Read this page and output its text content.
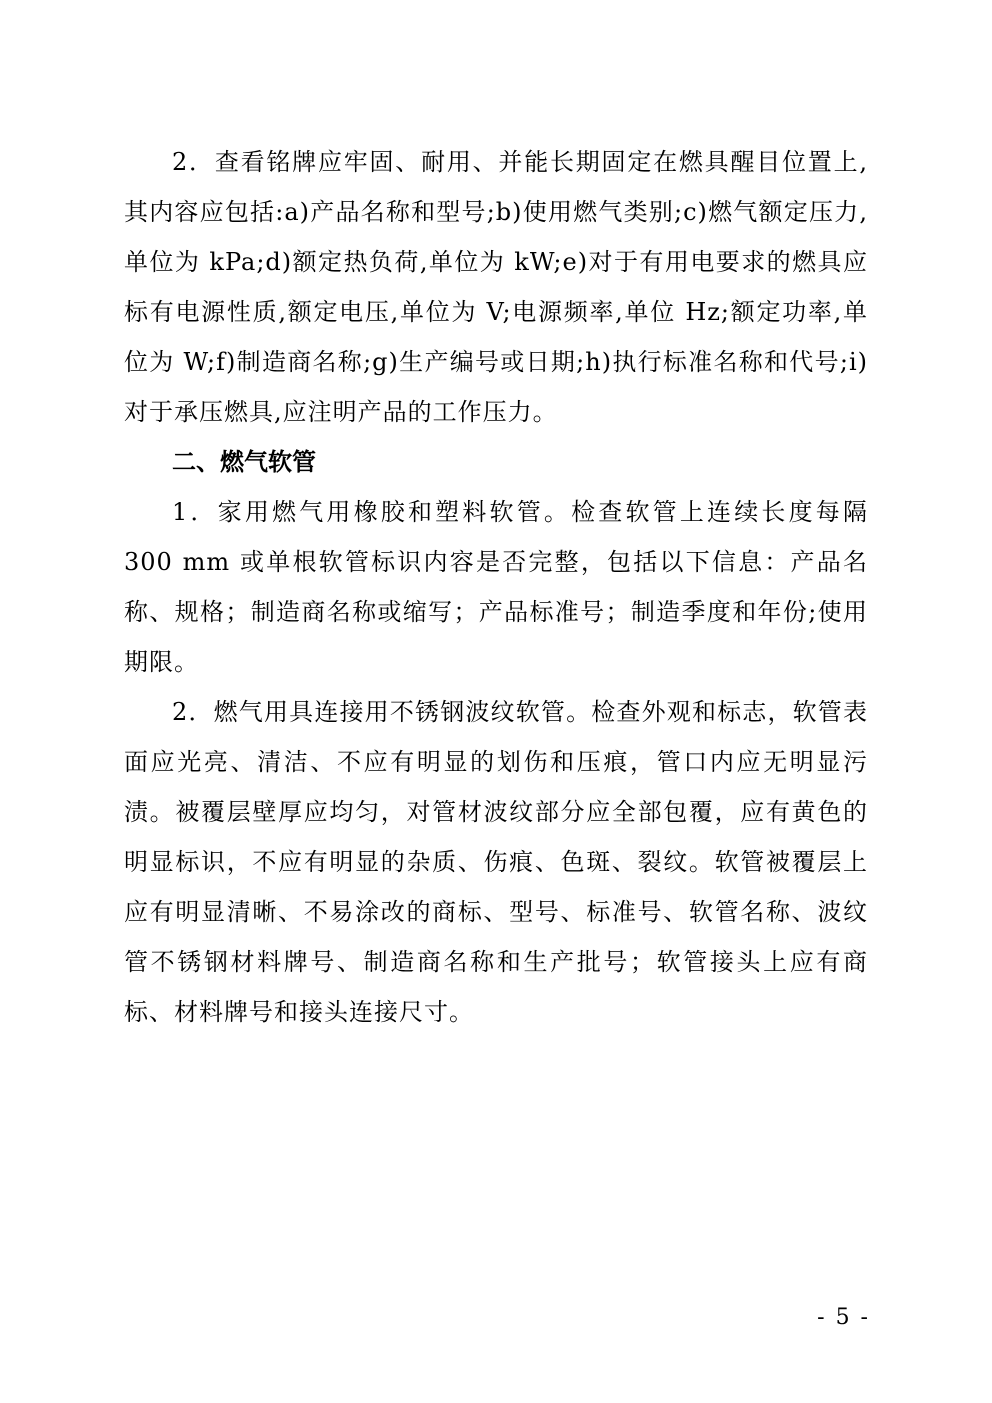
2．查看铭牌应牢固、耐用、并能长期固定在燃具醒目位置上,其内容应包括:a)产品名称和型号;b)使用燃气类别;c)燃气额定压力,单位为 kPa;d)额定热负荷,单位为 kW;e)对于有用电要求的燃具应标有电源性质,额定电压,单位为 V;电源频率,单位 Hz;额定功率,单位为 W;f)制造商名称;g)生产编号或日期;h)执行标准名称和代号;i)对于承压燃具,应注明产品的工作压力。

二、燃气软管

1．家用燃气用橡胶和塑料软管。检查软管上连续长度每隔 300 mm 或单根软管标识内容是否完整，包括以下信息：产品名称、规格；制造商名称或缩写；产品标准号；制造季度和年份;使用期限。

2．燃气用具连接用不锈钢波纹软管。检查外观和标志，软管表面应光亮、清洁、不应有明显的划伤和压痕，管口内应无明显污渍。被覆层壁厚应均匀，对管材波纹部分应全部包覆，应有黄色的明显标识，不应有明显的杂质、伤痕、色斑、裂纹。软管被覆层上应有明显清晰、不易涂改的商标、型号、标准号、软管名称、波纹管不锈钢材料牌号、制造商名称和生产批号；软管接头上应有商标、材料牌号和接头连接尺寸。

- 5 -
